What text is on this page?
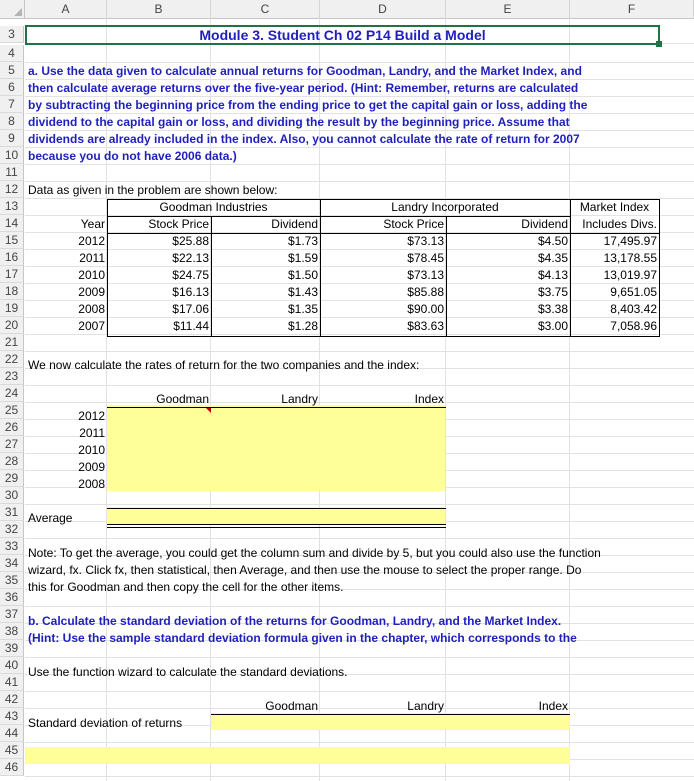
A	B	C	D	E	F
3
4
5
6
7
8
9
10
11
12
13
14
15
16
17
18
19
20
21
22
23
24
25
26
27
28
29
30
31
32
33
34
35
36
37
38
39
40
41
42
43
44
45
46
Module 3. Student Ch 02 P14 Build a Model
a. Use the data given to calculate annual returns for Goodman, Landry, and the Market Index, and
then calculate average returns over the five-year period. (Hint: Remember, returns are calculated
by subtracting the beginning price from the ending price to get the capital gain or loss, adding the
dividend to the capital gain or loss, and dividing the result by the beginning price. Assume that
dividends are already included in the index. Also, you cannot calculate the rate of return for 2007
because you do not have 2006 data.)
Data as given in the problem are shown below:
Goodman Industries	Landry Incorporated	Market Index
Year	Stock Price	Dividend	Stock Price	Dividend	Includes Divs.
2012	$25.88	$1.73	$73.13	$4.50	17,495.97
2011	$22.13	$1.59	$78.45	$4.35	13,178.55
2010	$24.75	$1.50	$73.13	$4.13	13,019.97
2009	$16.13	$1.43	$85.88	$3.75	9,651.05
2008	$17.06	$1.35	$90.00	$3.38	8,403.42
2007	$11.44	$1.28	$83.63	$3.00	7,058.96
We now calculate the rates of return for the two companies and the index:
Goodman	Landry	Index
2012
2011
2010
2009
2008
Average
Note: To get the average, you could get the column sum and divide by 5, but you could also use the function
wizard, fx. Click fx, then statistical, then Average, and then use the mouse to select the proper range. Do
this for Goodman and then copy the cell for the other items.
b. Calculate the standard deviation of the returns for Goodman, Landry, and the Market Index.
(Hint: Use the sample standard deviation formula given in the chapter, which corresponds to the
Use the function wizard to calculate the standard deviations.
Goodman	Landry	Index
Standard deviation of returns
